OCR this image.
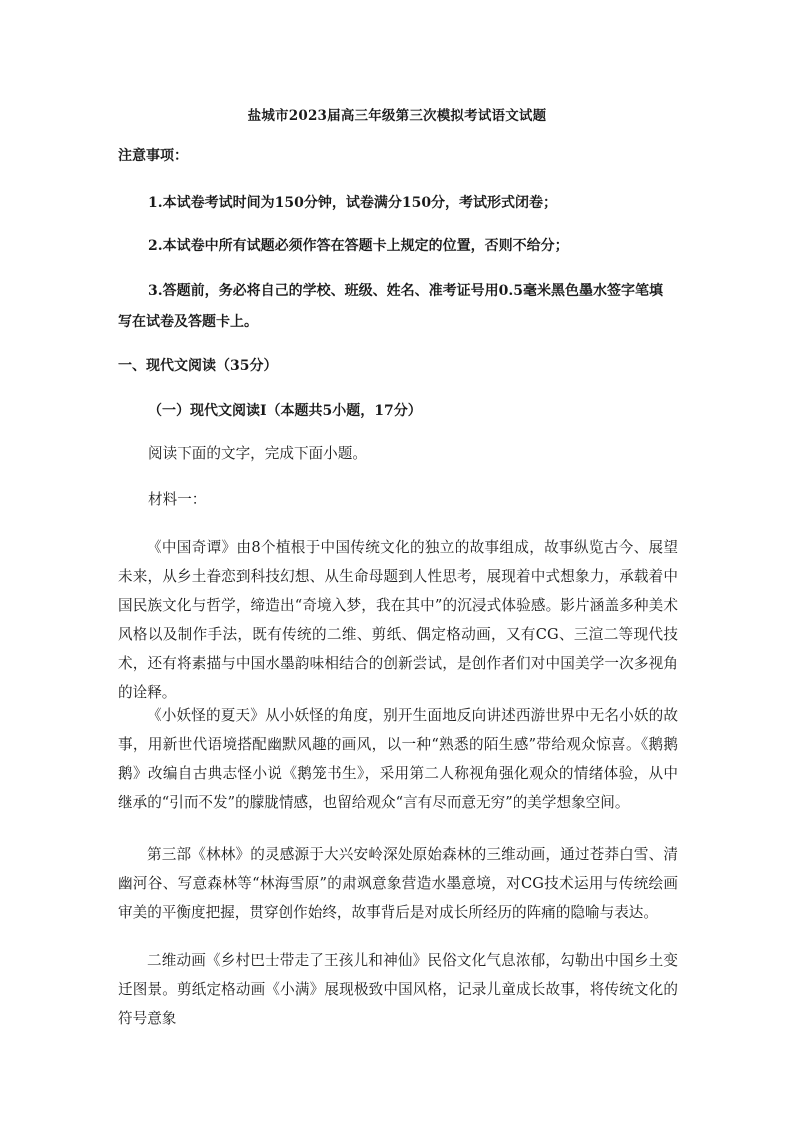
盐城市2023届高三年级第三次模拟考试语文试题
注意事项：
1.本试卷考试时间为150分钟，试卷满分150分，考试形式闭卷；
2.本试卷中所有试题必须作答在答题卡上规定的位置，否则不给分；
3.答题前，务必将自己的学校、班级、姓名、准考证号用0.5毫米黑色墨水签字笔填
写在试卷及答题卡上。
一、现代文阅读（35分）
（一）现代文阅读Ⅰ（本题共5小题，17分）
阅读下面的文字，完成下面小题。
材料一：
《中国奇谭》由8个植根于中国传统文化的独立的故事组成，故事纵览古今、展望未来，从乡土眷恋到科技幻想、从生命母题到人性思考，展现着中式想象力，承载着中国民族文化与哲学，缔造出“奇境入梦，我在其中”的沉浸式体验感。影片涵盖多种美术风格以及制作手法，既有传统的二维、剪纸、偶定格动画，又有CG、三渲二等现代技术，还有将素描与中国水墨韵味相结合的创新尝试，是创作者们对中国美学一次多视角的诠释。
《小妖怪的夏天》从小妖怪的角度，别开生面地反向讲述西游世界中无名小妖的故事，用新世代语境搭配幽默风趣的画风，以一种“熟悉的陌生感”带给观众惊喜。《鹅鹅鹅》改编自古典志怪小说《鹅笼书生》，采用第二人称视角强化观众的情绪体验，从中继承的“引而不发”的朦胧情感，也留给观众“言有尽而意无穷”的美学想象空间。
第三部《林林》的灵感源于大兴安岭深处原始森林的三维动画，通过苍莽白雪、清幽河谷、写意森林等“林海雪原”的肃飒意象营造水墨意境，对CG技术运用与传统绘画审美的平衡度把握，贯穿创作始终，故事背后是对成长所经历的阵痛的隐喻与表达。
二维动画《乡村巴士带走了王孩儿和神仙》民俗文化气息浓郁，勾勒出中国乡土变迁图景。剪纸定格动画《小满》展现极致中国风格，记录儿童成长故事，将传统文化的符号意象
